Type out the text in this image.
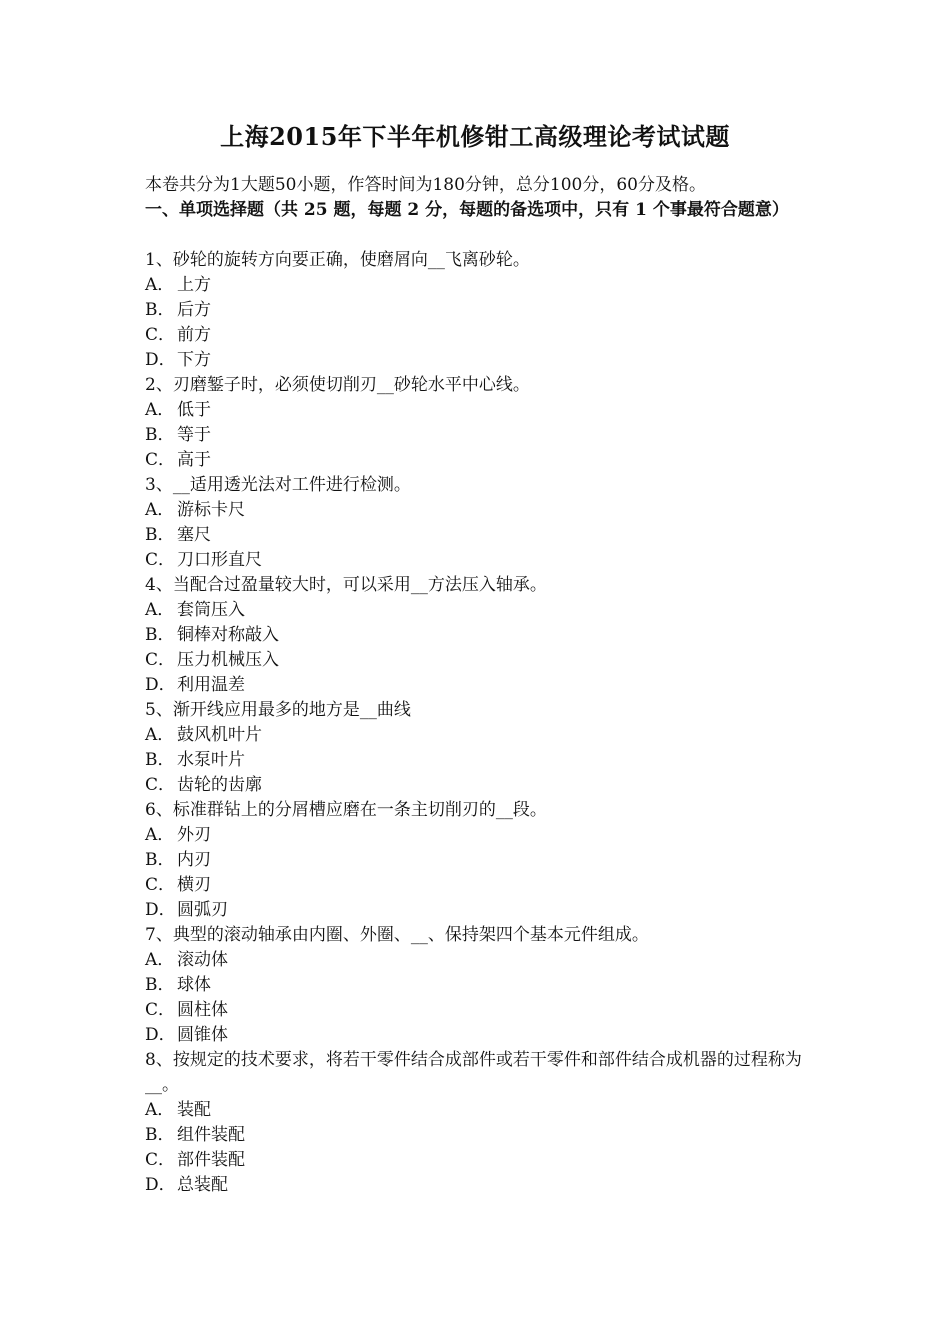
上海2015年下半年机修钳工高级理论考试试题
本卷共分为1大题50小题，作答时间为180分钟，总分100分，60分及格。
一、单项选择题（共 25 题，每题 2 分，每题的备选项中，只有 1 个事最符合题意）
1、砂轮的旋转方向要正确，使磨屑向__飞离砂轮。
A． 上方
B． 后方
C． 前方
D．下方
2、刃磨錾子时，必须使切削刃__砂轮水平中心线。
A． 低于
B． 等于
C． 高于
3、__适用透光法对工件进行检测。
A． 游标卡尺
B． 塞尺
C． 刀口形直尺
4、当配合过盈量较大时，可以采用__方法压入轴承。
A． 套筒压入
B． 铜棒对称敲入
C． 压力机械压入
D．利用温差
5、渐开线应用最多的地方是__曲线
A． 鼓风机叶片
B． 水泵叶片
C． 齿轮的齿廓
6、标准群钻上的分屑槽应磨在一条主切削刃的__段。
A． 外刃
B． 内刃
C． 横刃
D．圆弧刃
7、典型的滚动轴承由内圈、外圈、__、保持架四个基本元件组成。
A． 滚动体
B． 球体
C． 圆柱体
D．圆锥体
8、按规定的技术要求，将若干零件结合成部件或若干零件和部件结合成机器的过程称为__。
A． 装配
B． 组件装配
C． 部件装配
D．总装配
